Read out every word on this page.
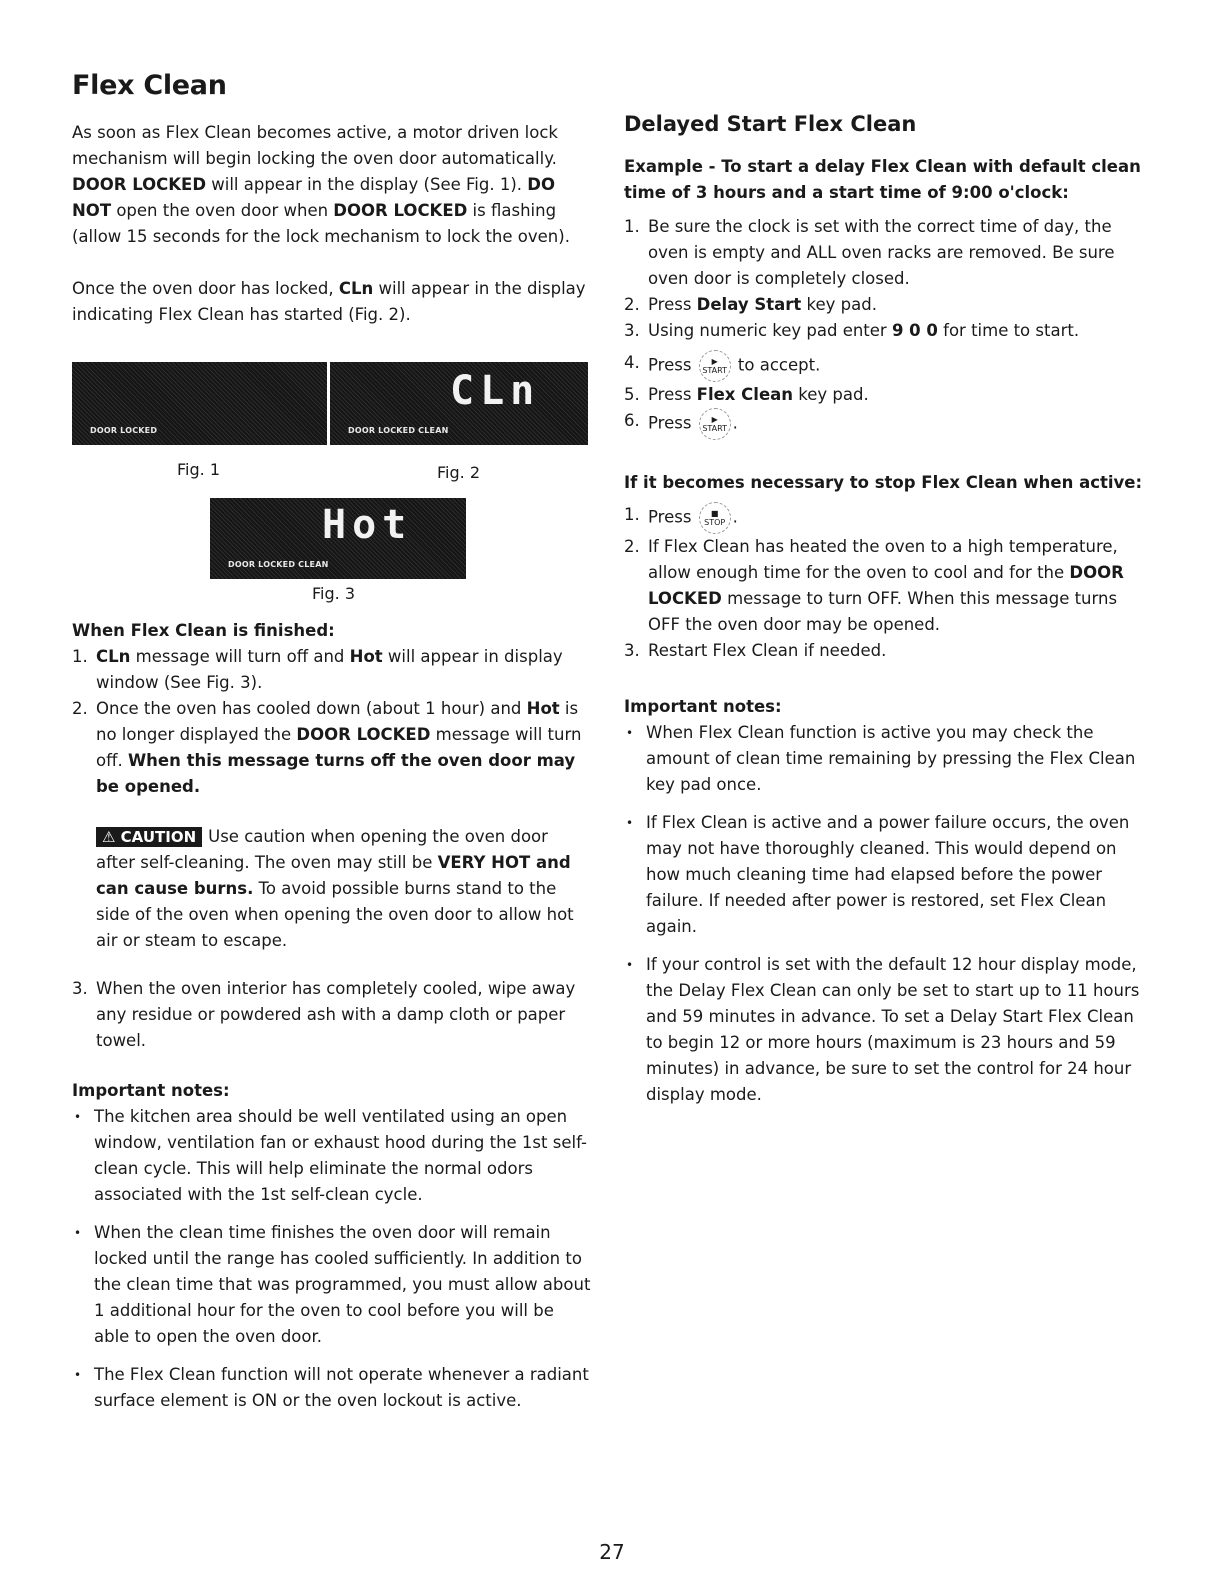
Flex Clean

As soon as Flex Clean becomes active, a motor driven lock mechanism will begin locking the oven door automatically. DOOR LOCKED will appear in the display (See Fig. 1). DO NOT open the oven door when DOOR LOCKED is flashing (allow 15 seconds for the lock mechanism to lock the oven).

Once the oven door has locked, CLn will appear in the display indicating Flex Clean has started (Fig. 2).

DOOR LOCKED
CLn
DOOR LOCKED CLEAN
Fig. 1	Fig. 2
Hot
DOOR LOCKED CLEAN
Fig. 3

When Flex Clean is finished:

1. CLn message will turn off and Hot will appear in display window (See Fig. 3).
2. Once the oven has cooled down (about 1 hour) and Hot is no longer displayed the DOOR LOCKED message will turn off. When this message turns off the oven door may be opened.
⚠ CAUTION Use caution when opening the oven door after self-cleaning. The oven may still be VERY HOT and can cause burns. To avoid possible burns stand to the side of the oven when opening the oven door to allow hot air or steam to escape.
3. When the oven interior has completely cooled, wipe away any residue or powdered ash with a damp cloth or paper towel.

Important notes:

• The kitchen area should be well ventilated using an open window, ventilation fan or exhaust hood during the 1st self-clean cycle. This will help eliminate the normal odors associated with the 1st self-clean cycle.
• When the clean time finishes the oven door will remain locked until the range has cooled sufficiently. In addition to the clean time that was programmed, you must allow about 1 additional hour for the oven to cool before you will be able to open the oven door.
• The Flex Clean function will not operate whenever a radiant surface element is ON or the oven lockout is active.
Delayed Start Flex Clean

Example - To start a delay Flex Clean with default clean time of 3 hours and a start time of 9:00 o'clock:

1. Be sure the clock is set with the correct time of day, the oven is empty and ALL oven racks are removed. Be sure oven door is completely closed.
2. Press Delay Start key pad.
3. Using numeric key pad enter 9 0 0 for time to start.
4. Press	▶
START to accept.
5. Press Flex Clean key pad.
6. Press	▶
START .

If it becomes necessary to stop Flex Clean when active:

1. Press	■
STOP .
2. If Flex Clean has heated the oven to a high temperature, allow enough time for the oven to cool and for the DOOR LOCKED message to turn OFF. When this message turns OFF the oven door may be opened.
3. Restart Flex Clean if needed.

Important notes:

• When Flex Clean function is active you may check the amount of clean time remaining by pressing the Flex Clean key pad once.
• If Flex Clean is active and a power failure occurs, the oven may not have thoroughly cleaned. This would depend on how much cleaning time had elapsed before the power failure. If needed after power is restored, set Flex Clean again.
• If your control is set with the default 12 hour display mode, the Delay Flex Clean can only be set to start up to 11 hours and 59 minutes in advance. To set a Delay Start Flex Clean to begin 12 or more hours (maximum is 23 hours and 59 minutes) in advance, be sure to set the control for 24 hour display mode.
27
